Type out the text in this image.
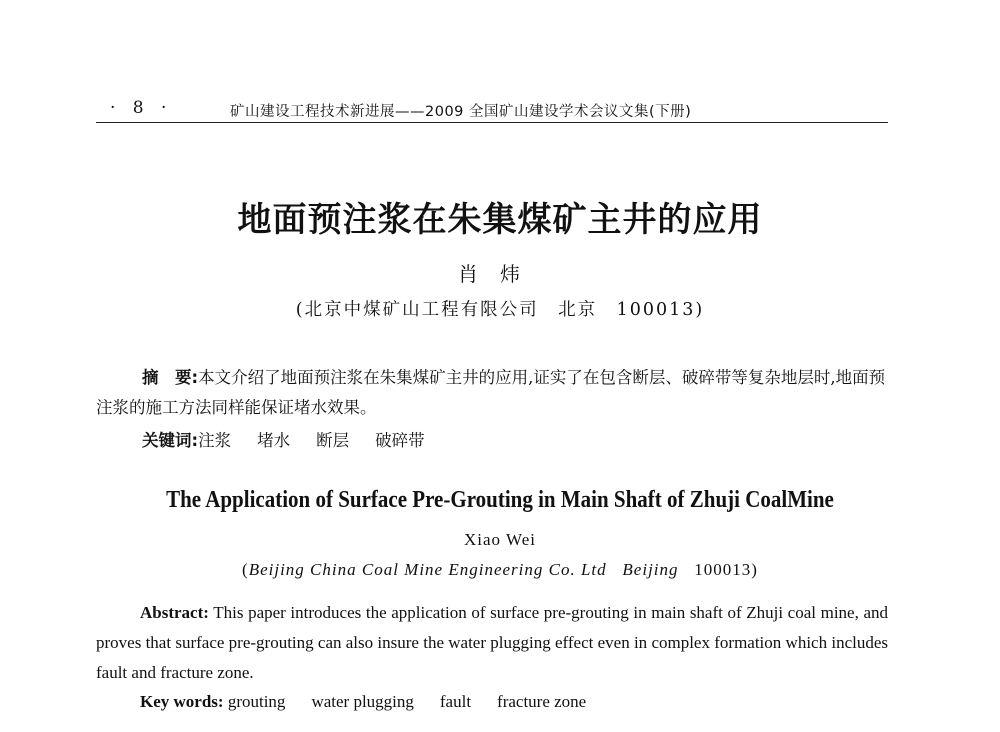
· 8 ·	矿山建设工程技术新进展——2009 全国矿山建设学术会议文集(下册)
地面预注浆在朱集煤矿主井的应用
肖炜
(北京中煤矿山工程有限公司　北京　100013)
摘　要:本文介绍了地面预注浆在朱集煤矿主井的应用,证实了在包含断层、破碎带等复杂地层时,地面预注浆的施工方法同样能保证堵水效果。
关键词:注浆 堵水 断层 破碎带
The Application of Surface Pre-Grouting in Main Shaft of Zhuji CoalMine
Xiao Wei
(Beijing China Coal Mine Engineering Co. Ltd Beijing 100013)
Abstract: This paper introduces the application of surface pre-grouting in main shaft of Zhuji coal mine, and proves that surface pre-grouting can also insure the water plugging effect even in complex formation which includes fault and fracture zone.
Key words: grouting water plugging fault fracture zone
